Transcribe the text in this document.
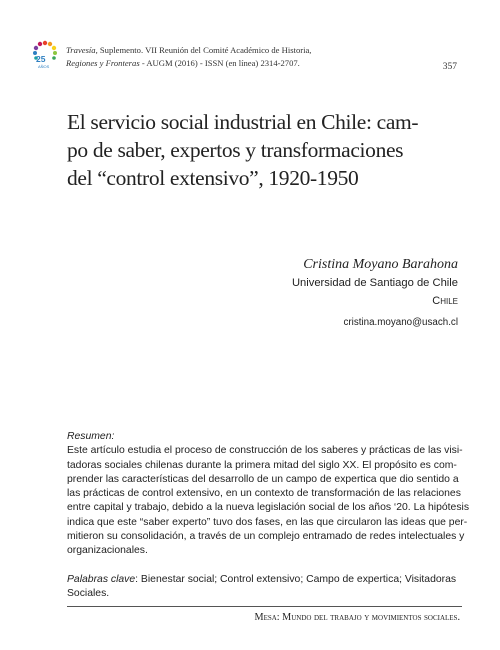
25
AÑOS
Travesía, Suplemento. VII Reunión del Comité Académico de Historia,
Regiones y Fronteras - AUGM (2016) - ISSN (en línea) 2314-2707.	357
El servicio social industrial en Chile: cam-
po de saber, expertos y transformaciones
del “control extensivo”, 1920-1950
Cristina Moyano Barahona
Universidad de Santiago de Chile
Chile
cristina.moyano@usach.cl
Resumen:
Este artículo estudia el proceso de construcción de los saberes y prácticas de las visi-
tadoras sociales chilenas durante la primera mitad del siglo XX. El propósito es com-
prender las características del desarrollo de un campo de expertica que dio sentido a
las prácticas de control extensivo, en un contexto de transformación de las relaciones
entre capital y trabajo, debido a la nueva legislación social de los años ‘20. La hipótesis
indica que este “saber experto” tuvo dos fases, en las que circularon las ideas que per-
mitieron su consolidación, a través de un complejo entramado de redes intelectuales y
organizacionales.
Palabras clave: Bienestar social; Control extensivo; Campo de expertica; Visitadoras
Sociales.
Mesa: Mundo del trabajo y movimientos sociales.
